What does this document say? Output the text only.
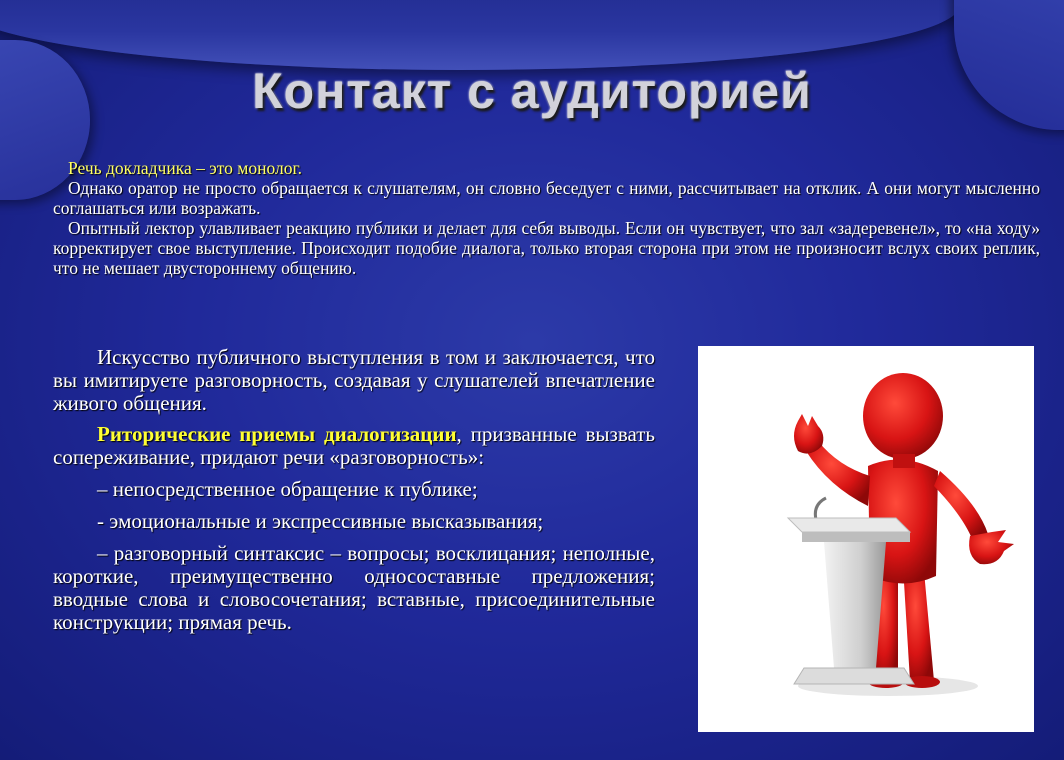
Контакт с аудиторией

Речь докладчика – это монолог.

Однако оратор не просто обращается к слушателям, он словно беседует с ними, рассчитывает на отклик. А они могут мысленно соглашаться или возражать.

Опытный лектор улавливает реакцию публики и делает для себя выводы. Если он чувствует, что зал «задеревенел», то «на ходу» корректирует свое выступление. Происходит подобие диалога, только вторая сторона при этом не произносит вслух своих реплик, что не мешает двустороннему общению.

Искусство публичного выступления в том и заключается, что вы имитируете разговорность, создавая у слушателей впечатление живого общения.

Риторические приемы диалогизации, призванные вызвать сопереживание, придают речи «разговорность»:

– непосредственное обращение к публике;

- эмоциональные и экспрессивные высказывания;

– разговорный синтаксис – вопросы; восклицания; неполные, короткие, преимущественно односоставные предложения; вводные слова и словосочетания; вставные, присоединительные конструкции; прямая речь.
